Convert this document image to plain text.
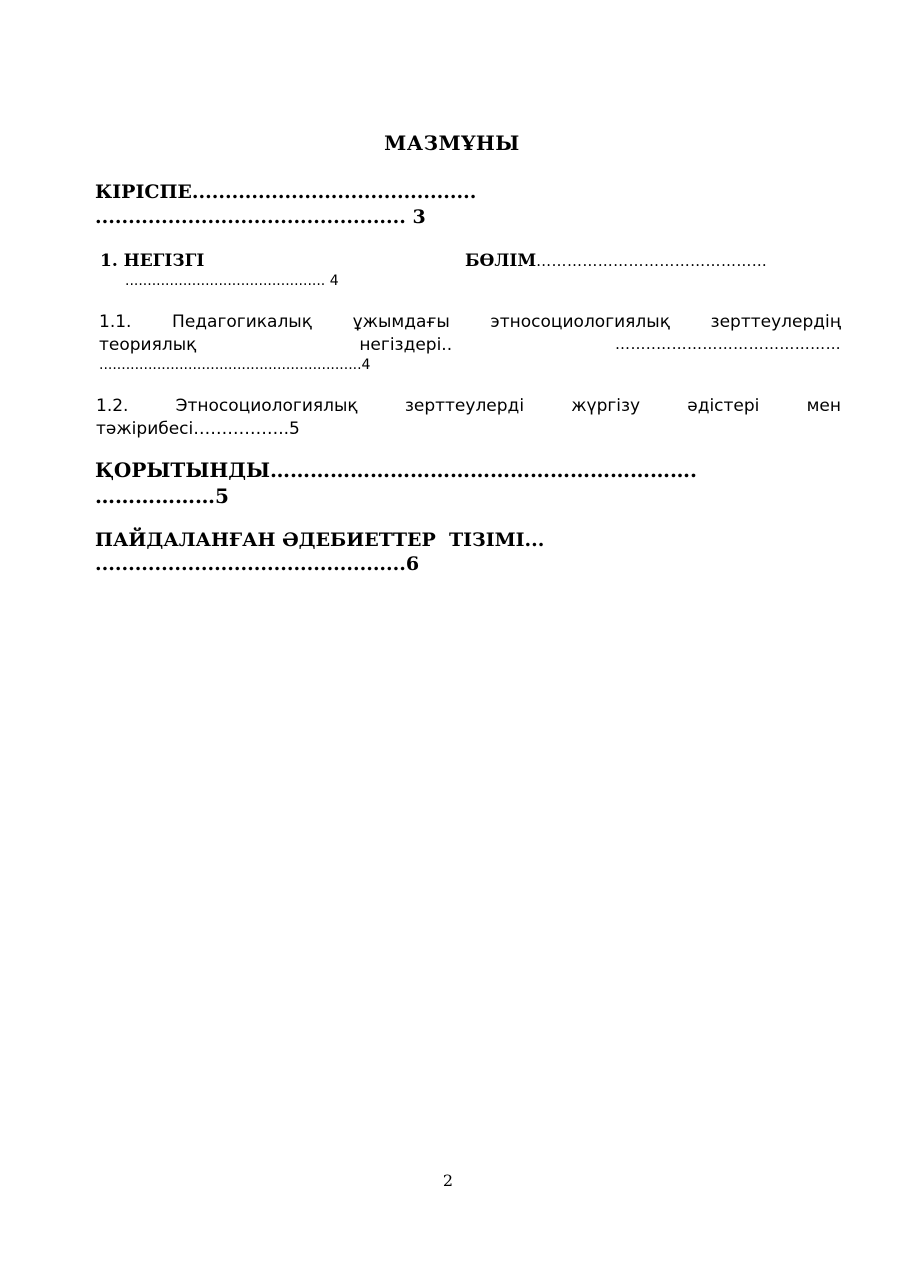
МАЗМҰНЫ
КІРІСПЕ...........................................
............................................... 3
1. НЕГІЗГІ	БӨЛІМ………………………………………
............................................. 4
1.1. Педагогикалық ұжымдағы этносоциологиялық зерттеулердің
теориялық	негіздері..	……..………………………………
...........................................................4
1.2.	Этносоциологиялық	зерттеулерді	жүргізу	әдістері	мен
тәжірибесі……………..5
ҚОРЫТЫНДЫ……………………………………………………….
………………5
ПАЙДАЛАНҒАН ӘДЕБИЕТТЕР  ТІЗІМІ...
...............................................6
2
